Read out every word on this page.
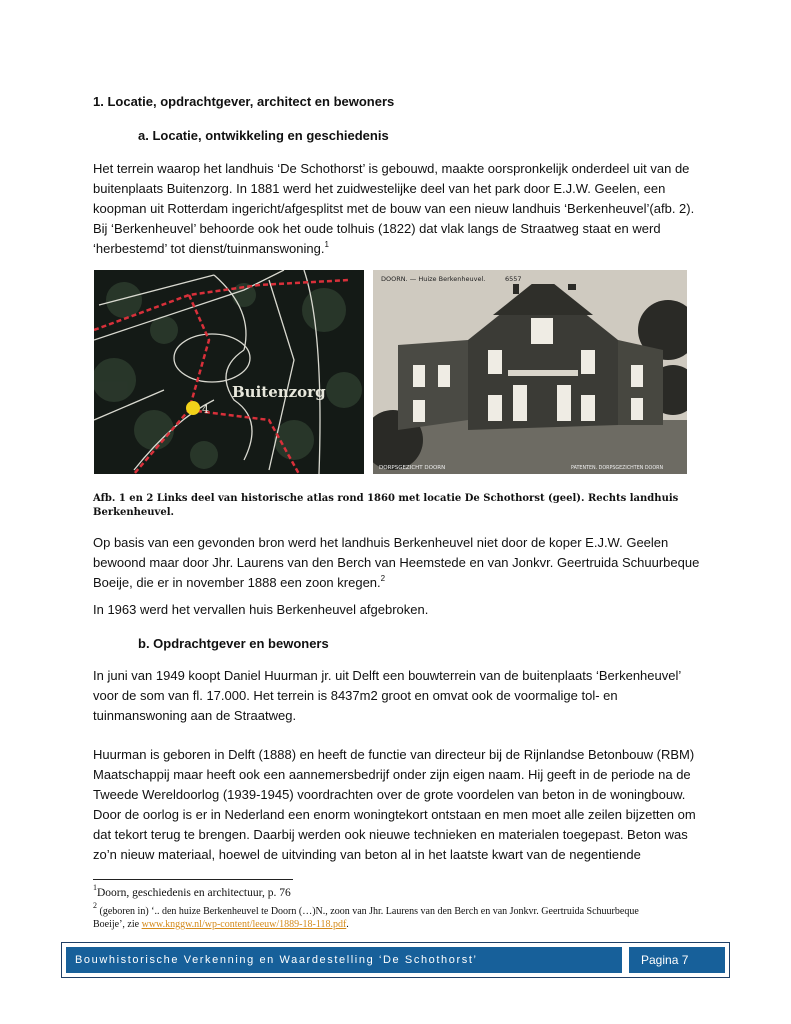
1. Locatie, opdrachtgever, architect en bewoners
a. Locatie, ontwikkeling en geschiedenis

Het terrein waarop het landhuis ‘De Schothorst’ is gebouwd, maakte oorspronkelijk onderdeel uit van de buitenplaats Buitenzorg. In 1881 werd het zuidwestelijke deel van het park door E.J.W. Geelen, een koopman uit Rotterdam ingericht/afgesplitst met de bouw van een nieuw landhuis ‘Berkenheuvel’(afb. 2). Bij ‘Berkenheuvel’ behoorde ook het oude tolhuis (1822) dat vlak langs de Straatweg staat en werd ‘herbestemd’ tot dienst/tuinmanswoning.$^1$

Buitenzorg
4
DOORN. — Huize Berkenheuvel.	6557
DORPSGEZICHT DOORN	PATENTEN. DORPSGEZICHTEN DOORN

Afb. 1 en 2 Links deel van historische atlas rond 1860 met locatie De Schothorst (geel). Rechts landhuis Berkenheuvel.

Op basis van een gevonden bron werd het landhuis Berkenheuvel niet door de koper E.J.W. Geelen bewoond maar door Jhr. Laurens van den Berch van Heemstede en van Jonkvr. Geertruida Schuurbeque Boeije, die er in november 1888 een zoon kregen.$^2$

In 1963 werd het vervallen huis Berkenheuvel afgebroken.

b. Opdrachtgever en bewoners

In juni van 1949 koopt Daniel Huurman jr. uit Delft een bouwterrein van de buitenplaats ‘Berkenheuvel’ voor de som van fl. 17.000. Het terrein is 8437m2 groot en omvat ook de voormalige tol- en tuinmanswoning aan de Straatweg.

Huurman is geboren in Delft (1888) en heeft de functie van directeur bij de Rijnlandse Betonbouw (RBM) Maatschappij maar heeft ook een aannemersbedrijf onder zijn eigen naam. Hij geeft in de periode na de Tweede Wereldoorlog (1939-1945) voordrachten over de grote voordelen van beton in de woningbouw. Door de oorlog is er in Nederland een enorm woningtekort ontstaan en men moet alle zeilen bijzetten om dat tekort terug te brengen. Daarbij werden ook nieuwe technieken en materialen toegepast. Beton was zo’n nieuw materiaal, hoewel de uitvinding van beton al in het laatste kwart van de negentiende

$^1$Doorn, geschiedenis en architectuur, p. 76

$^2$ (geboren in) ‘.. den huize Berkenheuvel te Doorn (…)N., zoon van Jhr. Laurens van den Berch en van Jonkvr. Geertruida Schuurbeque Boeije’, zie www.knggw.nl/wp-content/leeuw/1889-18-118.pdf.

Bouwhistorische Verkenning en Waardestelling ‘De Schothorst’	Pagina 7
